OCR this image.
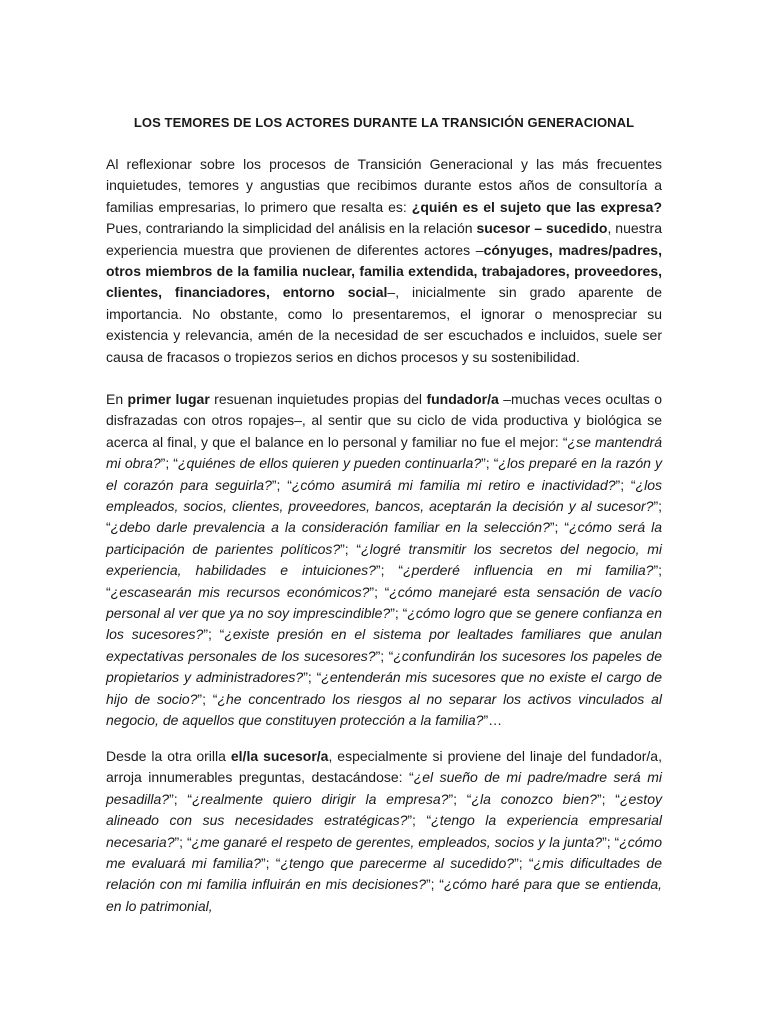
LOS TEMORES DE LOS ACTORES DURANTE LA TRANSICIÓN GENERACIONAL

Al reflexionar sobre los procesos de Transición Generacional y las más frecuentes inquietudes, temores y angustias que recibimos durante estos años de consultoría a familias empresarias, lo primero que resalta es: ¿quién es el sujeto que las expresa? Pues, contrariando la simplicidad del análisis en la relación sucesor – sucedido, nuestra experiencia muestra que provienen de diferentes actores –cónyuges, madres/padres, otros miembros de la familia nuclear, familia extendida, trabajadores, proveedores, clientes, financiadores, entorno social–, inicialmente sin grado aparente de importancia. No obstante, como lo presentaremos, el ignorar o menospreciar su existencia y relevancia, amén de la necesidad de ser escuchados e incluidos, suele ser causa de fracasos o tropiezos serios en dichos procesos y su sostenibilidad.

En primer lugar resuenan inquietudes propias del fundador/a –muchas veces ocultas o disfrazadas con otros ropajes–, al sentir que su ciclo de vida productiva y biológica se acerca al final, y que el balance en lo personal y familiar no fue el mejor: “¿se mantendrá mi obra?”; “¿quiénes de ellos quieren y pueden continuarla?”; “¿los preparé en la razón y el corazón para seguirla?”; “¿cómo asumirá mi familia mi retiro e inactividad?”; “¿los empleados, socios, clientes, proveedores, bancos, aceptarán la decisión y al sucesor?”; “¿debo darle prevalencia a la consideración familiar en la selección?”; “¿cómo será la participación de parientes políticos?”; “¿logré transmitir los secretos del negocio, mi experiencia, habilidades e intuiciones?”; “¿perderé influencia en mi familia?”; “¿escasearán mis recursos económicos?”; “¿cómo manejaré esta sensación de vacío personal al ver que ya no soy imprescindible?”; “¿cómo logro que se genere confianza en los sucesores?”; “¿existe presión en el sistema por lealtades familiares que anulan expectativas personales de los sucesores?”; “¿confundirán los sucesores los papeles de propietarios y administradores?”; “¿entenderán mis sucesores que no existe el cargo de hijo de socio?”; “¿he concentrado los riesgos al no separar los activos vinculados al negocio, de aquellos que constituyen protección a la familia?”…

Desde la otra orilla el/la sucesor/a, especialmente si proviene del linaje del fundador/a, arroja innumerables preguntas, destacándose: “¿el sueño de mi padre/madre será mi pesadilla?”; “¿realmente quiero dirigir la empresa?”; “¿la conozco bien?”; “¿estoy alineado con sus necesidades estratégicas?”; “¿tengo la experiencia empresarial necesaria?”; “¿me ganaré el respeto de gerentes, empleados, socios y la junta?”; “¿cómo me evaluará mi familia?”; “¿tengo que parecerme al sucedido?”; “¿mis dificultades de relación con mi familia influirán en mis decisiones?”; “¿cómo haré para que se entienda, en lo patrimonial,
